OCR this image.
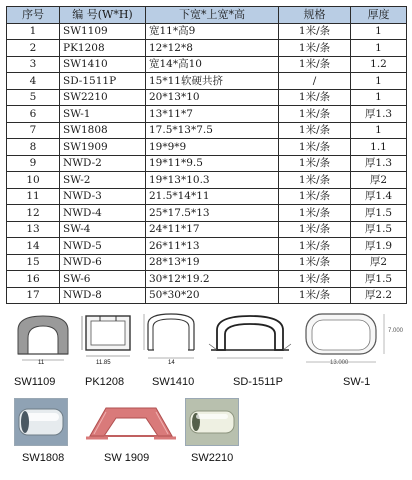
序号	编 号(W*H)	下宽*上宽*高	规格	厚度
1	SW1109	宽11*高9	1米/条	1
2	PK1208	12*12*8	1米/条	1
3	SW1410	宽14*高10	1米/条	1.2
4	SD-1511P	15*11软硬共挤	/	1
5	SW2210	20*13*10	1米/条	1
6	SW-1	13*11*7	1米/条	厚1.3
7	SW1808	17.5*13*7.5	1米/条	1
8	SW1909	19*9*9	1米/条	1.1
9	NWD-2	19*11*9.5	1米/条	厚1.3
10	SW-2	19*13*10.3	1米/条	厚2
11	NWD-3	21.5*14*11	1米/条	厚1.4
12	NWD-4	25*17.5*13	1米/条	厚1.5
13	SW-4	24*11*17	1米/条	厚1.5
14	NWD-5	26*11*13	1米/条	厚1.9
15	NWD-6	28*13*19	1米/条	厚2
16	SW-6	30*12*19.2	1米/条	厚1.5
17	NWD-8	50*30*20	1米/条	厚2.2
11	11.85	14
7.000
13.000
SW1109	PK1208	SW1410	SD-1511P	SW-1
SW1808	SW 1909	SW2210
